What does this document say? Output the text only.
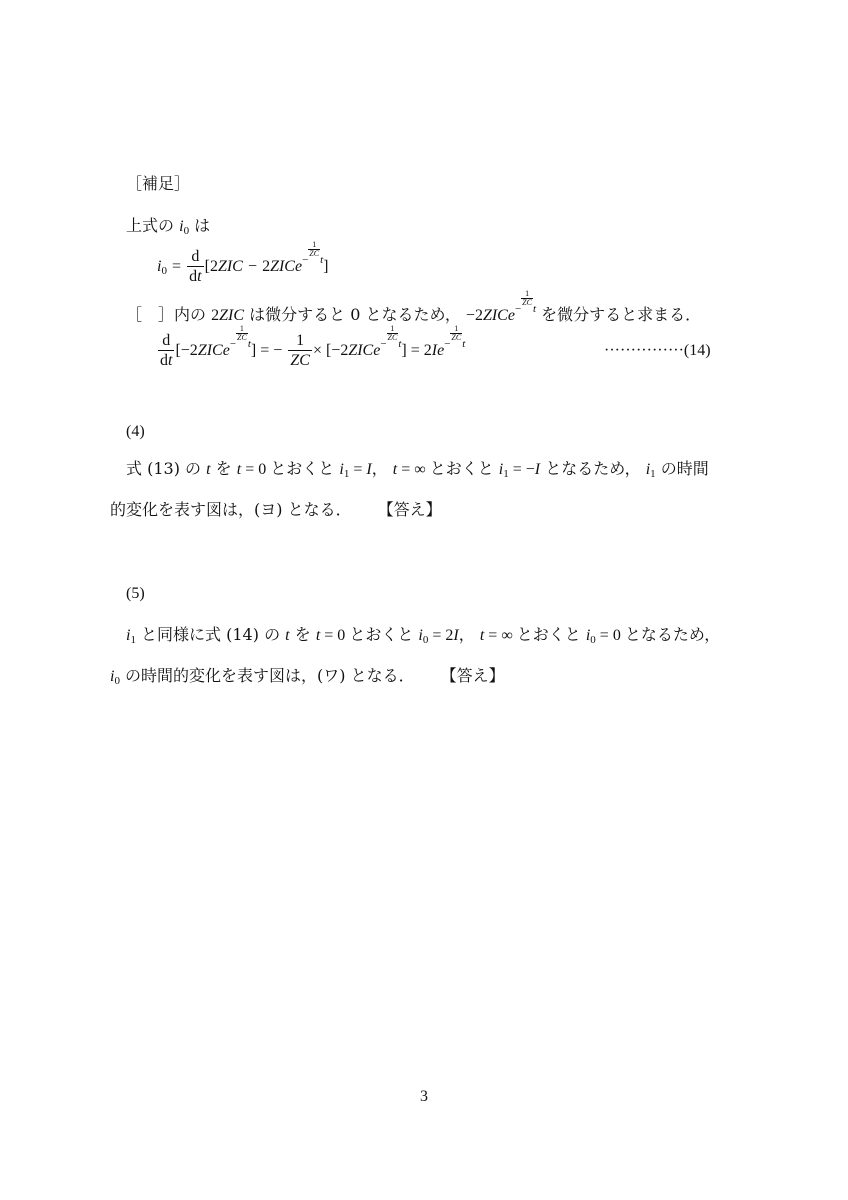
［補足］
上式の $i_0$ は
$i_0 = \frac{d}{dt} [2ZIC$ − 2ZICe$^{- \frac{1}{ZC} t}$]
［　］内の 2ZIC は微分すると 0 となるため， −2ZICe$^{- \frac{1}{ZC} t}$ を微分すると求まる．
$\frac{d}{dt}$ [−2ZICe$^{- \frac{1}{ZC} t}$] = − $\frac{1}{ZC}$ × [−2ZICe$^{- \frac{1}{ZC} t}$] = $2Ie^{- \frac{1}{ZC} t}$	···············(14)
(4)
式 (13) の t を t = 0 とおくと $i_1 = I$， t = ∞ とおくと $i_1 = -I$ となるため， $i_1$ の時間
的変化を表す図は，(ヨ) となる． 【答え】
(5)
$i_1$ と同様に式 (14) の t を t = 0 とおくと $i_0 = 2I$， t = ∞ とおくと $i_0 = 0$ となるため，
$i_0$ の時間的変化を表す図は，(ワ) となる． 【答え】
3
